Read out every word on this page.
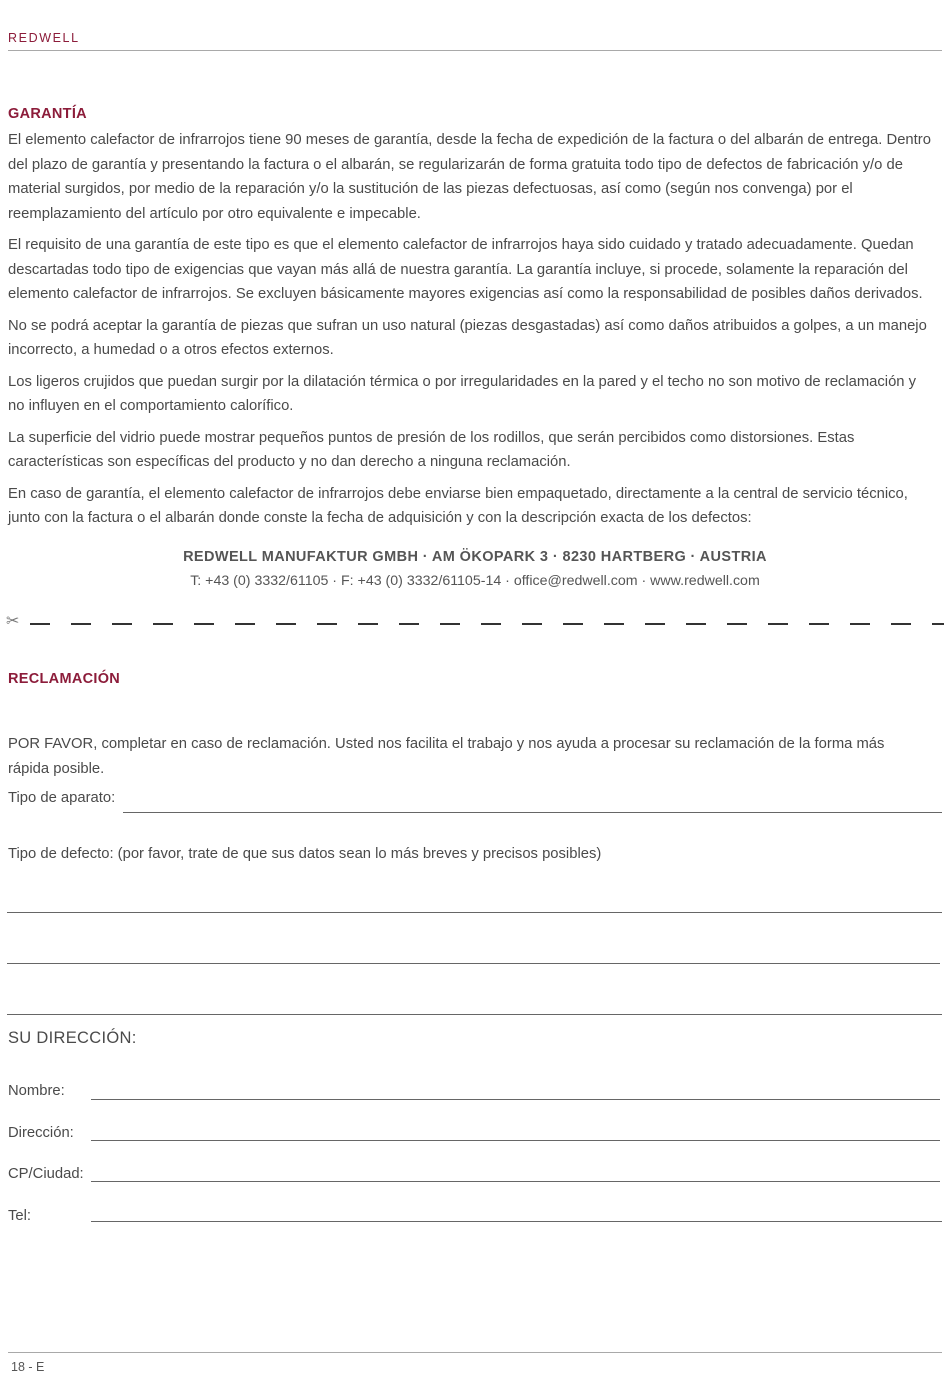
REDWELL
GARANTÍA

El elemento calefactor de infrarrojos tiene 90 meses de garantía, desde la fecha de expedición de la factura o del albarán de entrega. Dentro del plazo de garantía y presentando la factura o el albarán, se regularizarán de forma gratuita todo tipo de defectos de fabricación y/o de material surgidos, por medio de la reparación y/o la sustitución de las piezas defectuosas, así como (según nos convenga) por el reemplazamiento del artículo por otro equivalente e impecable.

El requisito de una garantía de este tipo es que el elemento calefactor de infrarrojos haya sido cuidado y tratado adecuadamente. Quedan descartadas todo tipo de exigencias que vayan más allá de nuestra garantía. La garantía incluye, si procede, solamente la reparación del elemento calefactor de infrarrojos. Se excluyen básicamente mayores exigencias así como la responsabilidad de posibles daños derivados.

No se podrá aceptar la garantía de piezas que sufran un uso natural (piezas desgastadas) así como daños atribuidos a golpes, a un manejo incorrecto, a humedad o a otros efectos externos.

Los ligeros crujidos que puedan surgir por la dilatación térmica o por irregularidades en la pared y el techo no son motivo de reclamación y no influyen en el comportamiento calorífico.

La superficie del vidrio puede mostrar pequeños puntos de presión de los rodillos, que serán percibidos como distorsiones. Estas características son específicas del producto y no dan derecho a ninguna reclamación.

En caso de garantía, el elemento calefactor de infrarrojos debe enviarse bien empaquetado, directamente a la central de servicio técnico, junto con la factura o el albarán donde conste la fecha de adquisición y con la descripción exacta de los defectos:

REDWELL MANUFAKTUR GMBH · AM ÖKOPARK 3 · 8230 HARTBERG · AUSTRIA
T: +43 (0) 3332/61105 · F: +43 (0) 3332/61105-14 · office@redwell.com · www.redwell.com
✂
RECLAMACIÓN
POR FAVOR, completar en caso de reclamación. Usted nos facilita el trabajo y nos ayuda a procesar su reclamación de la forma más rápida posible.
Tipo de aparato:
Tipo de defecto: (por favor, trate de que sus datos sean lo más breves y precisos posibles)
SU DIRECCIÓN:
Nombre:
Dirección:
CP/Ciudad:
Tel:
18 - E
